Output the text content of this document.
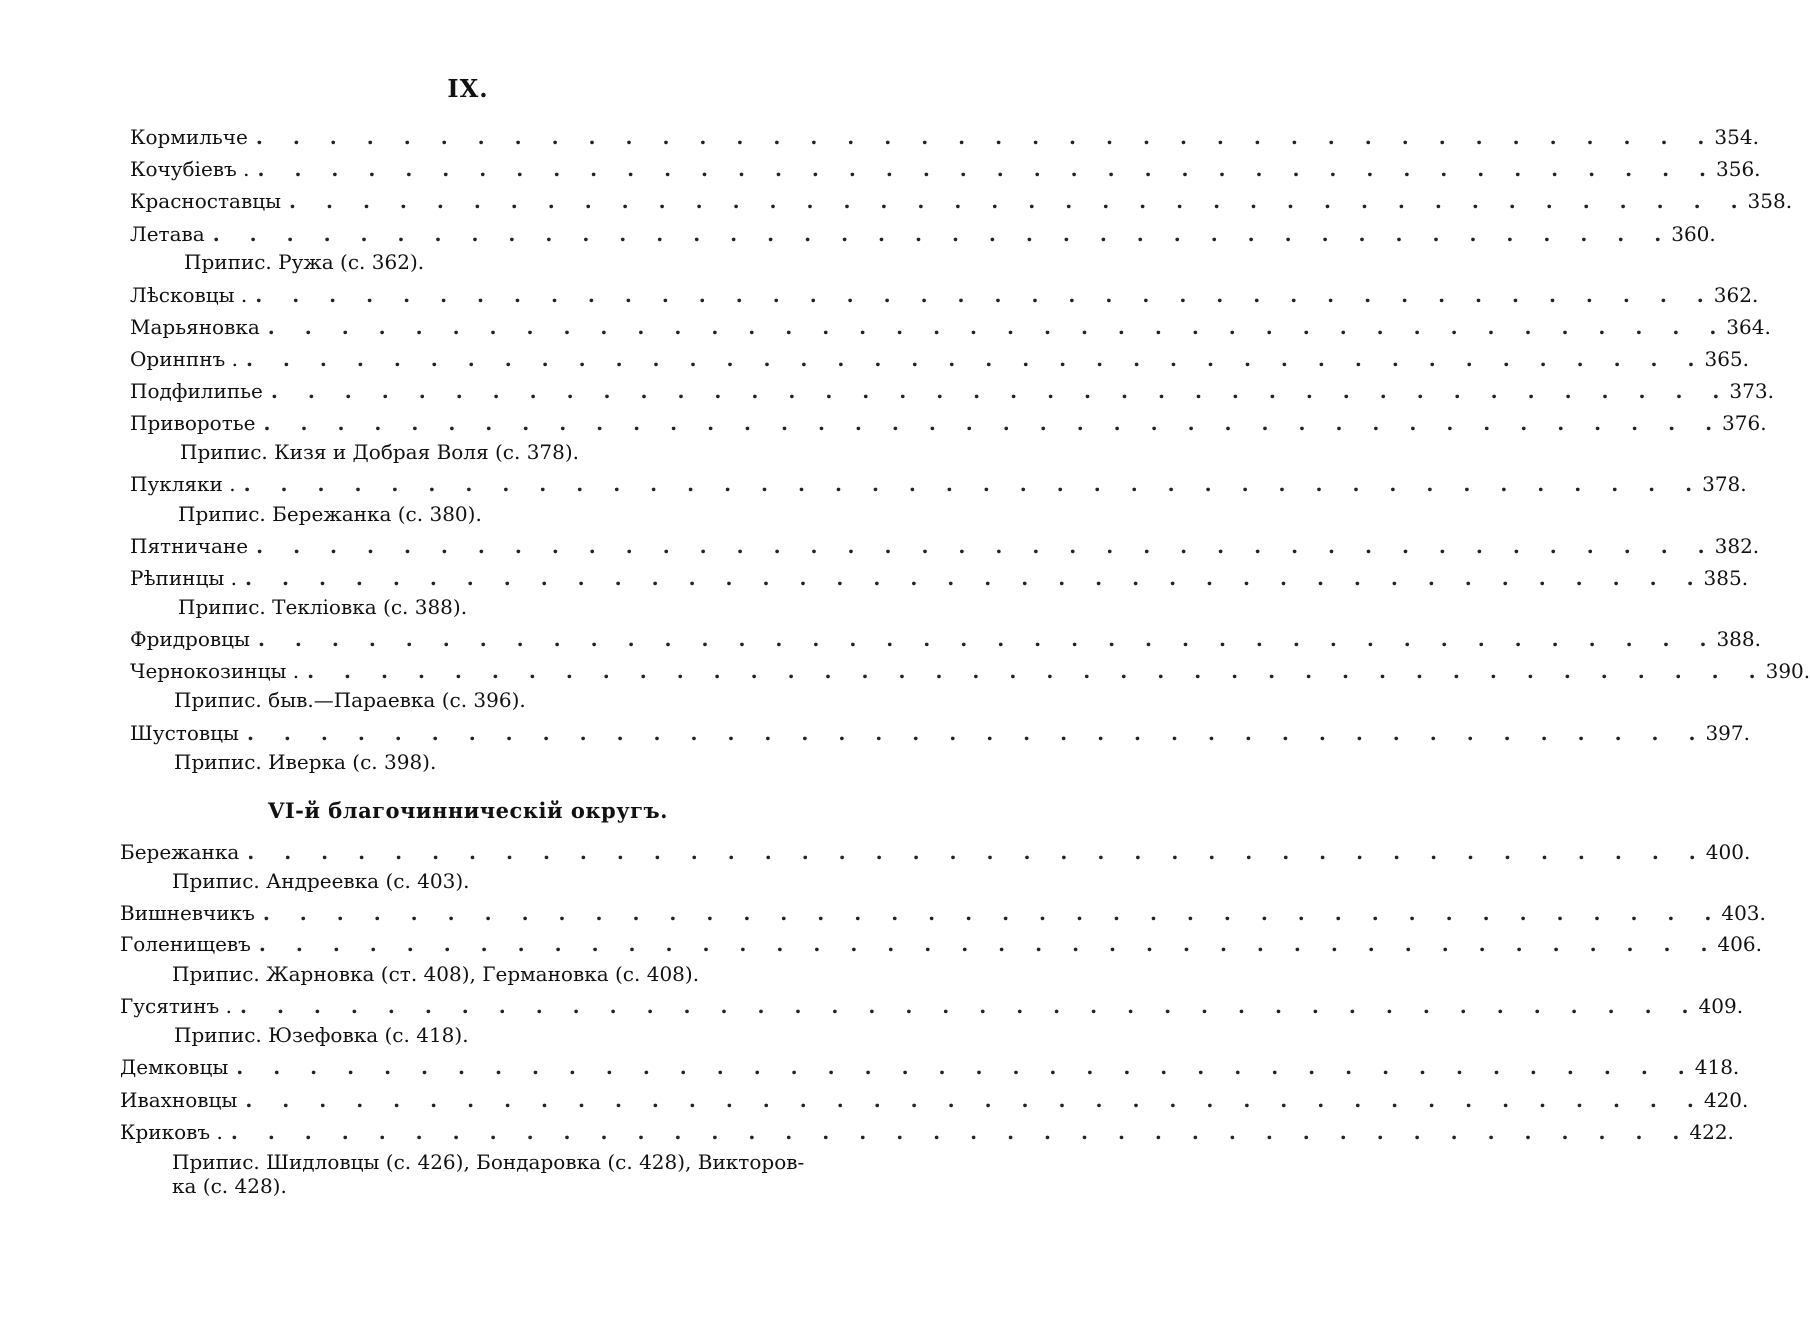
IX.
Кормильче .  .  .  .  .  .  .  .  .  .  .  .  .  .  .  .  .  .  .  .  .  .  .  .  .  .  .  .  .  .  .  .  .  .  .  .  .  .  .  . 354.
Кочубіевъ . .  .  .  .  .  .  .  .  .  .  .  .  .  .  .  .  .  .  .  .  .  .  .  .  .  .  .  .  .  .  .  .  .  .  .  .  .  .  .  . 356.
Красноставцы .  .  .  .  .  .  .  .  .  .  .  .  .  .  .  .  .  .  .  .  .  .  .  .  .  .  .  .  .  .  .  .  .  .  .  .  .  .  .  . 358.
Летава .  .  .  .  .  .  .  .  .  .  .  .  .  .  .  .  .  .  .  .  .  .  .  .  .  .  .  .  .  .  .  .  .  .  .  .  .  .  .  . 360.
Припис. Ружа (с. 362).
Лѣсковцы . .  .  .  .  .  .  .  .  .  .  .  .  .  .  .  .  .  .  .  .  .  .  .  .  .  .  .  .  .  .  .  .  .  .  .  .  .  .  .  . 362.
Марьяновка .  .  .  .  .  .  .  .  .  .  .  .  .  .  .  .  .  .  .  .  .  .  .  .  .  .  .  .  .  .  .  .  .  .  .  .  .  .  .  . 364.
Оринпнъ . .  .  .  .  .  .  .  .  .  .  .  .  .  .  .  .  .  .  .  .  .  .  .  .  .  .  .  .  .  .  .  .  .  .  .  .  .  .  .  . 365.
Подфилипье .  .  .  .  .  .  .  .  .  .  .  .  .  .  .  .  .  .  .  .  .  .  .  .  .  .  .  .  .  .  .  .  .  .  .  .  .  .  .  . 373.
Приворотье .  .  .  .  .  .  .  .  .  .  .  .  .  .  .  .  .  .  .  .  .  .  .  .  .  .  .  .  .  .  .  .  .  .  .  .  .  .  .  . 376.
Припис. Кизя и Добрая Воля (с. 378).
Пукляки . .  .  .  .  .  .  .  .  .  .  .  .  .  .  .  .  .  .  .  .  .  .  .  .  .  .  .  .  .  .  .  .  .  .  .  .  .  .  .  . 378.
Припис. Бережанка (с. 380).
Пятничане .  .  .  .  .  .  .  .  .  .  .  .  .  .  .  .  .  .  .  .  .  .  .  .  .  .  .  .  .  .  .  .  .  .  .  .  .  .  .  . 382.
Рѣпинцы . .  .  .  .  .  .  .  .  .  .  .  .  .  .  .  .  .  .  .  .  .  .  .  .  .  .  .  .  .  .  .  .  .  .  .  .  .  .  .  . 385.
Припис. Текліовка (с. 388).
Фридровцы .  .  .  .  .  .  .  .  .  .  .  .  .  .  .  .  .  .  .  .  .  .  .  .  .  .  .  .  .  .  .  .  .  .  .  .  .  .  .  . 388.
Чернокозинцы . .  .  .  .  .  .  .  .  .  .  .  .  .  .  .  .  .  .  .  .  .  .  .  .  .  .  .  .  .  .  .  .  .  .  .  .  .  .  .  . 390.
Припис. быв.—Параевка (с. 396).
Шустовцы .  .  .  .  .  .  .  .  .  .  .  .  .  .  .  .  .  .  .  .  .  .  .  .  .  .  .  .  .  .  .  .  .  .  .  .  .  .  .  . 397.
Припис. Иверка (с. 398).
VI-й благочинническій округъ.
Бережанка .  .  .  .  .  .  .  .  .  .  .  .  .  .  .  .  .  .  .  .  .  .  .  .  .  .  .  .  .  .  .  .  .  .  .  .  .  .  .  . 400.
Припис. Андреевка (с. 403).
Вишневчикъ .  .  .  .  .  .  .  .  .  .  .  .  .  .  .  .  .  .  .  .  .  .  .  .  .  .  .  .  .  .  .  .  .  .  .  .  .  .  .  . 403.
Голенищевъ .  .  .  .  .  .  .  .  .  .  .  .  .  .  .  .  .  .  .  .  .  .  .  .  .  .  .  .  .  .  .  .  .  .  .  .  .  .  .  . 406.
Припис. Жарновка (ст. 408), Германовка (с. 408).
Гусятинъ . .  .  .  .  .  .  .  .  .  .  .  .  .  .  .  .  .  .  .  .  .  .  .  .  .  .  .  .  .  .  .  .  .  .  .  .  .  .  .  . 409.
Припис. Юзефовка (с. 418).
Демковцы .  .  .  .  .  .  .  .  .  .  .  .  .  .  .  .  .  .  .  .  .  .  .  .  .  .  .  .  .  .  .  .  .  .  .  .  .  .  .  . 418.
Ивахновцы .  .  .  .  .  .  .  .  .  .  .  .  .  .  .  .  .  .  .  .  .  .  .  .  .  .  .  .  .  .  .  .  .  .  .  .  .  .  .  . 420.
Криковъ . .  .  .  .  .  .  .  .  .  .  .  .  .  .  .  .  .  .  .  .  .  .  .  .  .  .  .  .  .  .  .  .  .  .  .  .  .  .  .  . 422.
Припис. Шидловцы (с. 426), Бондаровка (с. 428), Викторов-
ка (с. 428).
